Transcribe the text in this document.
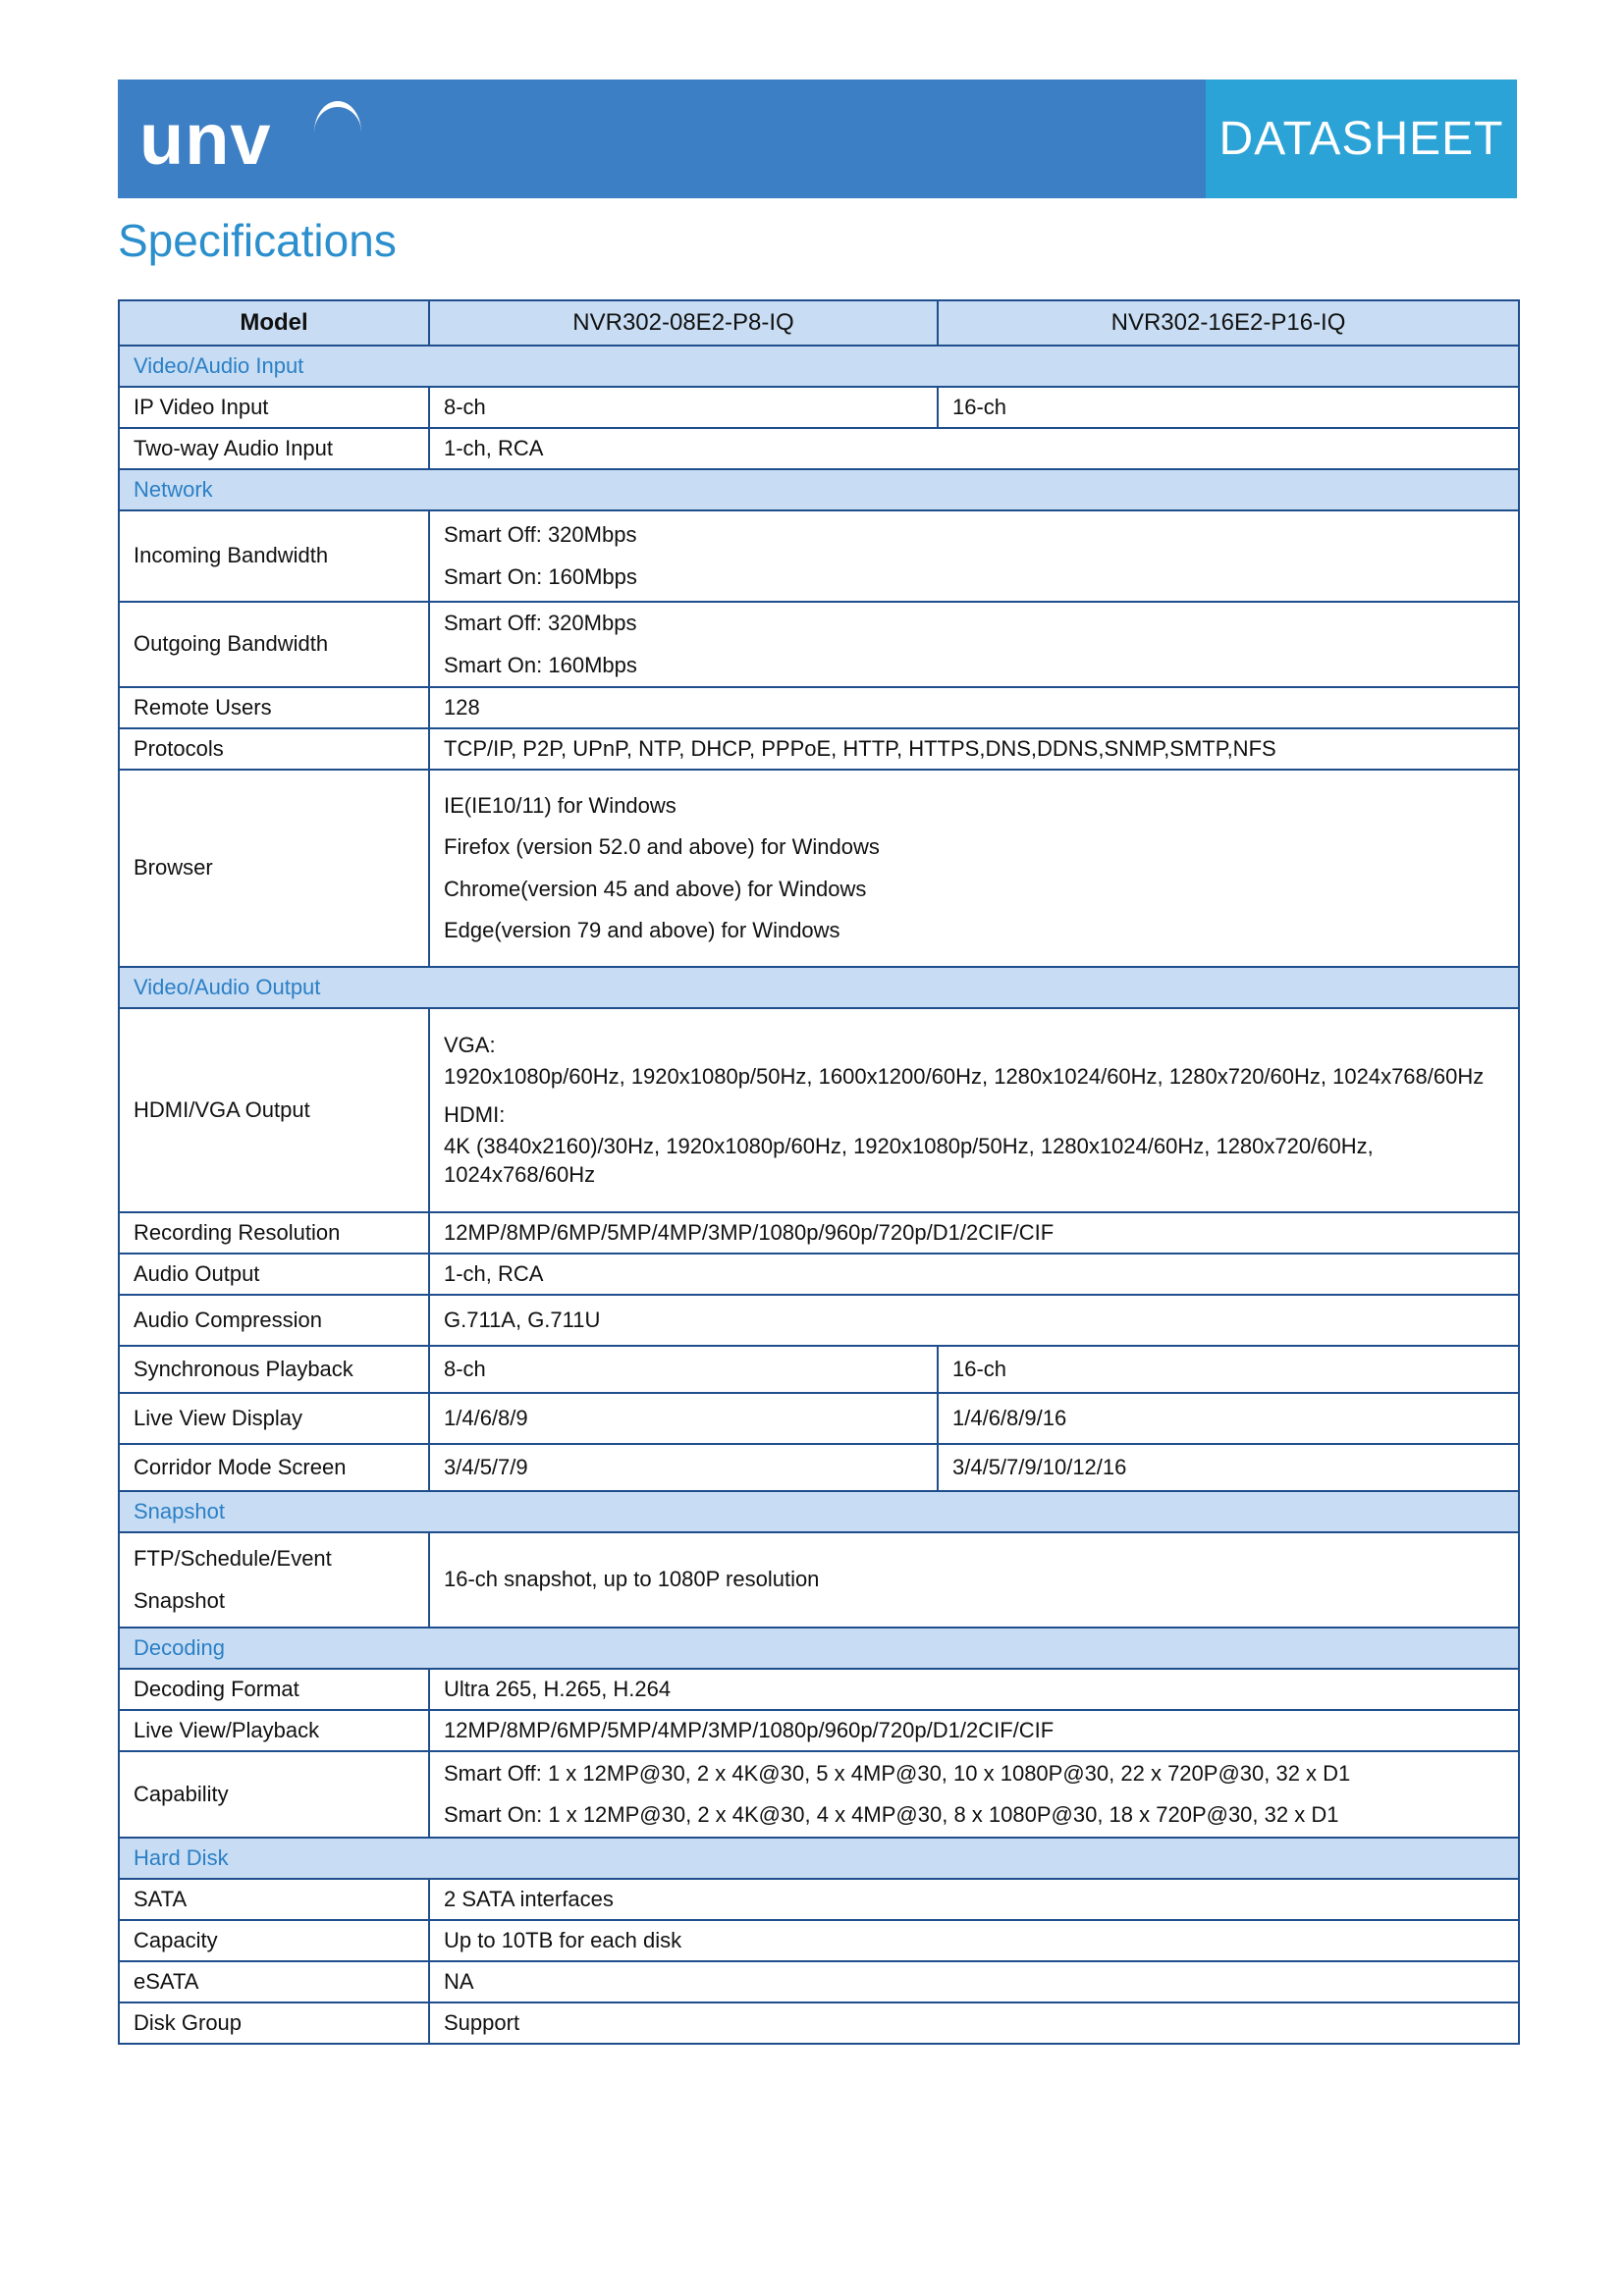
unv	DATASHEET
Specifications
Model	NVR302-08E2-P8-IQ	NVR302-16E2-P16-IQ
Video/Audio Input		
IP Video Input	8-ch	16-ch
Two-way Audio Input	1-ch, RCA	
Network		
Incoming Bandwidth	Smart Off: 320Mbps
Smart On: 160Mbps	

Outgoing Bandwidth	Smart Off: 320Mbps
Smart On: 160Mbps	

Remote Users	128	
Protocols	TCP/IP, P2P, UPnP, NTP, DHCP, PPPoE, HTTP, HTTPS,DNS,DDNS,SNMP,SMTP,NFS	
Browser	IE(IE10/11) for Windows
Firefox (version 52.0 and above) for Windows
Chrome(version 45 and above) for Windows
Edge(version 79 and above) for Windows	

Video/Audio Output		
HDMI/VGA Output	VGA:
1920x1080p/60Hz, 1920x1080p/50Hz, 1600x1200/60Hz, 1280x1024/60Hz, 1280x720/60Hz, 1024x768/60Hz
HDMI:
4K (3840x2160)/30Hz, 1920x1080p/60Hz, 1920x1080p/50Hz, 1280x1024/60Hz, 1280x720/60Hz, 1024x768/60Hz	

Recording Resolution	12MP/8MP/6MP/5MP/4MP/3MP/1080p/960p/720p/D1/2CIF/CIF	
Audio Output	1-ch, RCA	
Audio Compression	G.711A, G.711U	
Synchronous Playback	8-ch	16-ch
Live View Display	1/4/6/8/9	1/4/6/8/9/16
Corridor Mode Screen	3/4/5/7/9	3/4/5/7/9/10/12/16
Snapshot		

FTP/Schedule/Event
Snapshot	16-ch snapshot, up to 1080P resolution	
Decoding		
Decoding Format	Ultra 265, H.265, H.264	
Live View/Playback	12MP/8MP/6MP/5MP/4MP/3MP/1080p/960p/720p/D1/2CIF/CIF	
Capability	Smart Off: 1 x 12MP@30, 2 x 4K@30, 5 x 4MP@30, 10 x 1080P@30, 22 x 720P@30, 32 x D1
Smart On: 1 x 12MP@30, 2 x 4K@30, 4 x 4MP@30, 8 x 1080P@30, 18 x 720P@30, 32 x D1	

Hard Disk		
SATA	2 SATA interfaces	
Capacity	Up to 10TB for each disk	
eSATA	NA	
Disk Group	Support	
